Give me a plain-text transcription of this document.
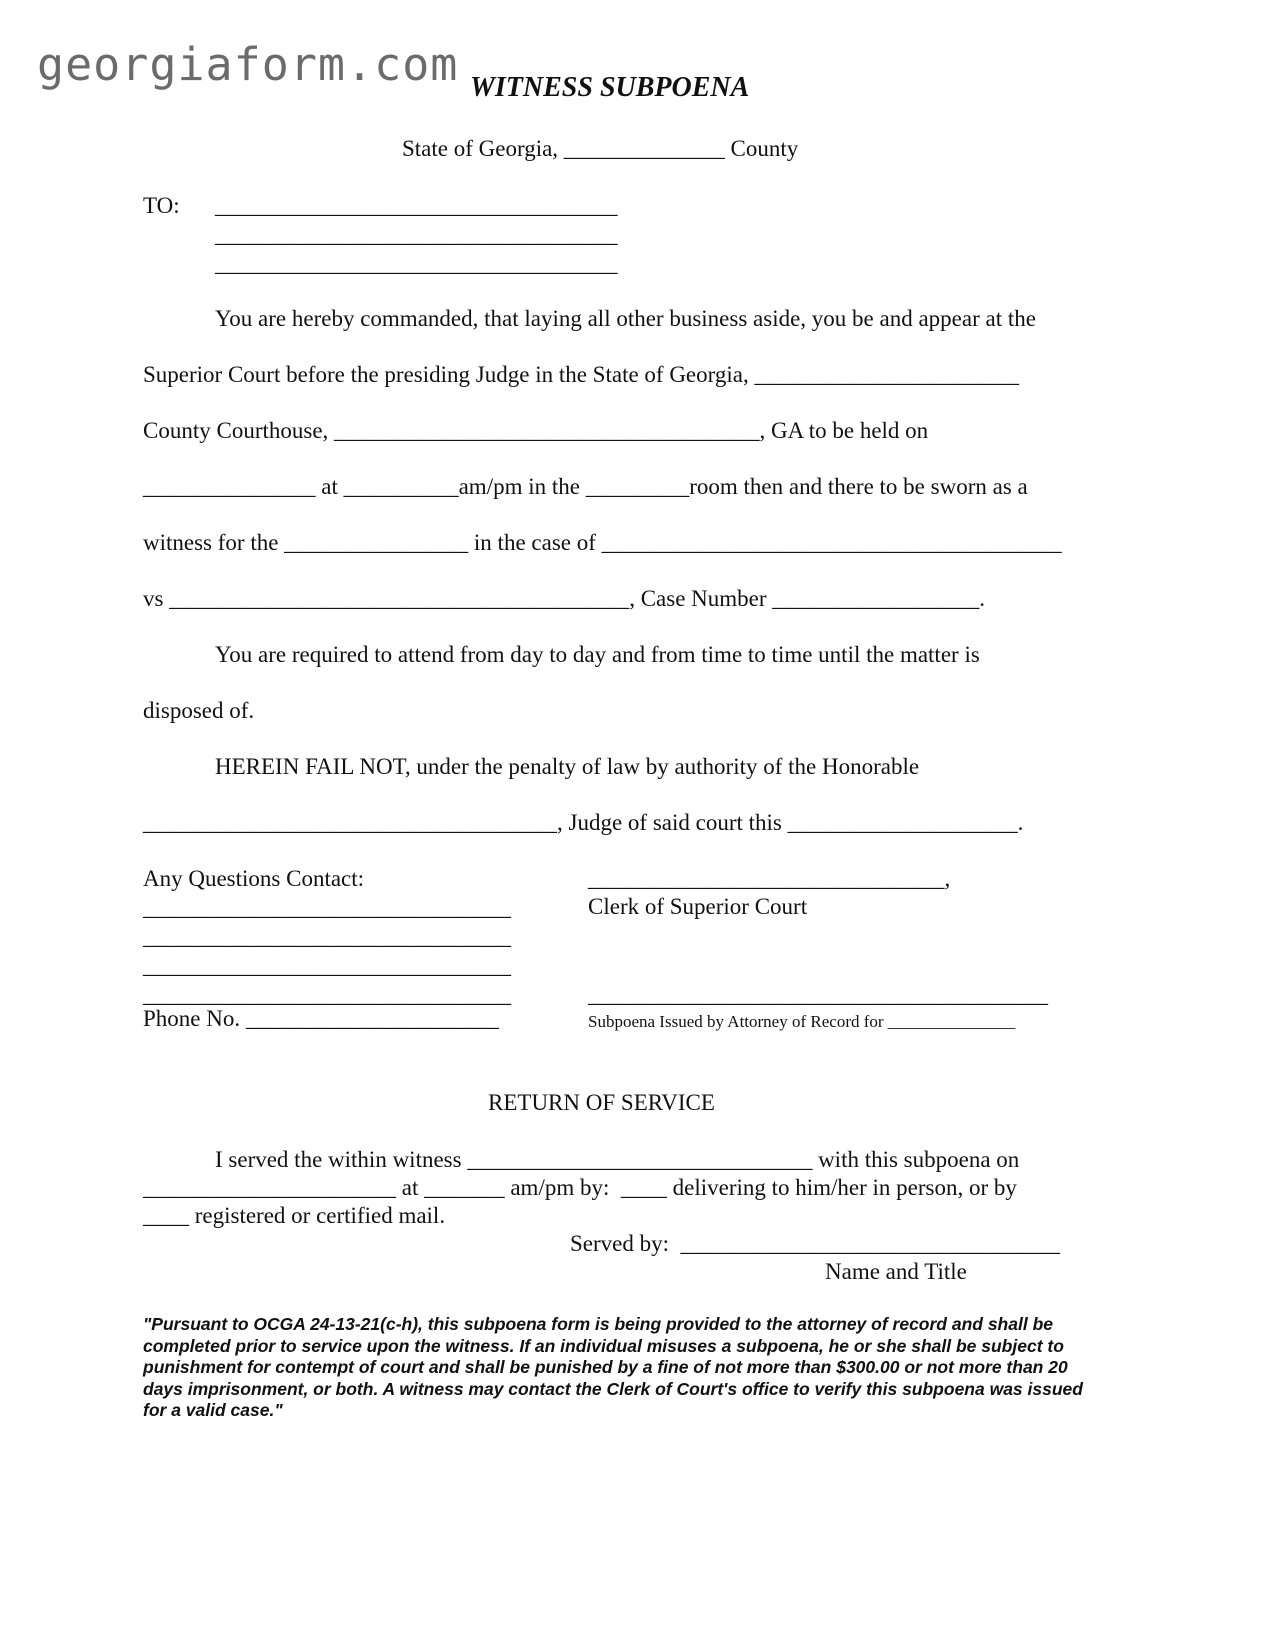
georgiaform.com WITNESS SUBPOENA
State of Georgia, ______________ County
TO: ___________________________________
___________________________________
___________________________________
You are hereby commanded, that laying all other business aside, you be and appear at the
Superior Court before the presiding Judge in the State of Georgia, _______________________
County Courthouse, _____________________________________, GA to be held on
_______________ at __________am/pm in the _________room then and there to be sworn as a
witness for the ________________ in the case of ________________________________________
vs ________________________________________, Case Number __________________.
You are required to attend from day to day and from time to time until the matter is
disposed of.
HEREIN FAIL NOT, under the penalty of law by authority of the Honorable
____________________________________, Judge of said court this ____________________.
Any Questions Contact:
________________________________
________________________________
________________________________
________________________________
Phone No. ______________________
_______________________________,
Clerk of Superior Court
________________________________________
Subpoena Issued by Attorney of Record for _______________
RETURN OF SERVICE
I served the within witness ______________________________ with this subpoena on
______________________ at _______ am/pm by:  ____ delivering to him/her in person, or by
____ registered or certified mail.
Served by:  _________________________________
Name and Title
"Pursuant to OCGA 24-13-21(c-h), this subpoena form is being provided to the attorney of record and shall be completed prior to service upon the witness. If an individual misuses a subpoena, he or she shall be subject to punishment for contempt of court and shall be punished by a fine of not more than $300.00 or not more than 20 days imprisonment, or both. A witness may contact the Clerk of Court's office to verify this subpoena was issued for a valid case."
